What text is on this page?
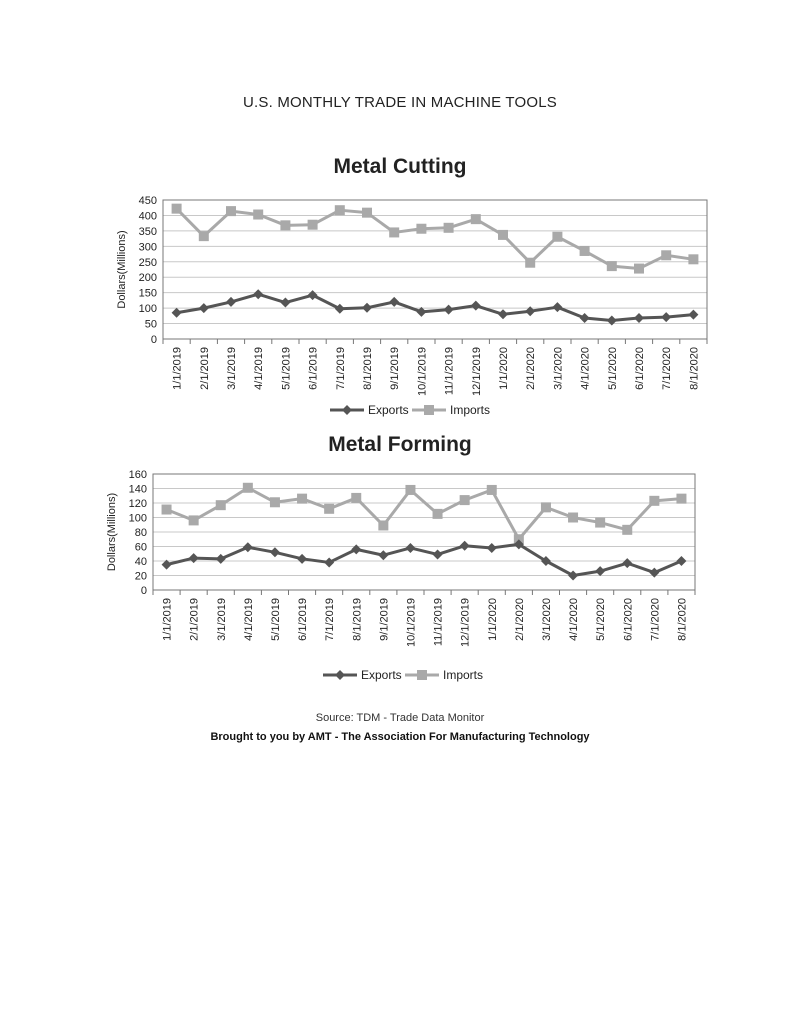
U.S. MONTHLY TRADE IN MACHINE TOOLS
Metal Cutting
0
50
100
150
200
250
300
350
400
450
1/1/2019 2/1/2019 3/1/2019 4/1/2019 5/1/2019 6/1/2019 7/1/2019 8/1/2019 9/1/2019 10/1/2019 11/1/2019 12/1/2019 1/1/2020 2/1/2020 3/1/2020 4/1/2020 5/1/2020 6/1/2020 7/1/2020 8/1/2020
Dollars(Millions)
Exports	Imports
Metal Forming
0
20
40
60
80
100
120
140
160
1/1/2019 2/1/2019 3/1/2019 4/1/2019 5/1/2019 6/1/2019 7/1/2019 8/1/2019 9/1/2019 10/1/2019 11/1/2019 12/1/2019 1/1/2020 2/1/2020 3/1/2020 4/1/2020 5/1/2020 6/1/2020 7/1/2020 8/1/2020
Dollars(Millions)
Exports	Imports
Source: TDM - Trade Data Monitor
Brought to you by AMT - The Association For Manufacturing Technology
